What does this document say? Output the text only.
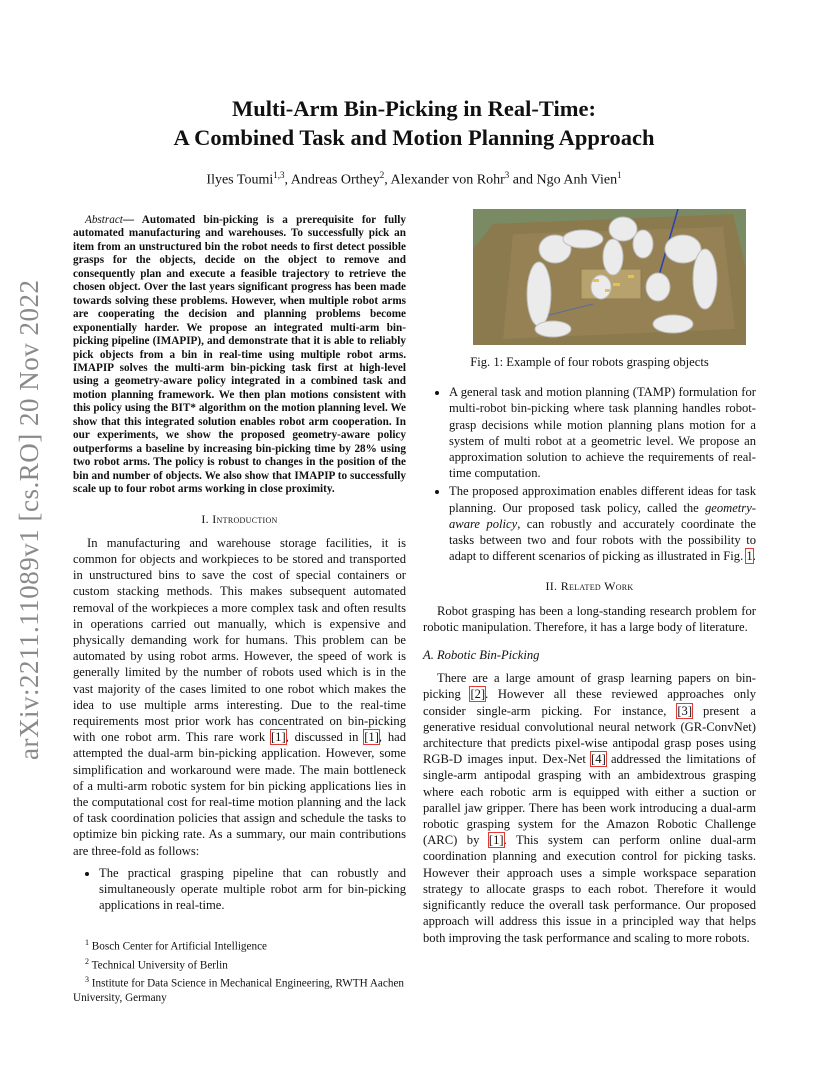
arXiv:2211.11089v1 [cs.RO] 20 Nov 2022
Multi-Arm Bin-Picking in Real-Time:
A Combined Task and Motion Planning Approach
Ilyes Toumi$^{1,3}$, Andreas Orthey$^2$, Alexander von Rohr$^3$ and Ngo Anh Vien$^1$

Abstract— Automated bin-picking is a prerequisite for fully automated manufacturing and warehouses. To successfully pick an item from an unstructured bin the robot needs to first detect possible grasps for the objects, decide on the object to remove and consequently plan and execute a feasible trajectory to retrieve the chosen object. Over the last years significant progress has been made towards solving these problems. However, when multiple robot arms are cooperating the decision and planning problems become exponentially harder. We propose an integrated multi-arm bin-picking pipeline (IMAPIP), and demonstrate that it is able to reliably pick objects from a bin in real-time using multiple robot arms. IMAPIP solves the multi-arm bin-picking task first at high-level using a geometry-aware policy integrated in a combined task and motion planning framework. We then plan motions consistent with this policy using the BIT* algorithm on the motion planning level. We show that this integrated solution enables robot arm cooperation. In our experiments, we show the proposed geometry-aware policy outperforms a baseline by increasing bin-picking time by 28% using two robot arms. The policy is robust to changes in the position of the bin and number of objects. We also show that IMAPIP to successfully scale up to four robot arms working in close proximity.

I. Introduction

In manufacturing and warehouse storage facilities, it is common for objects and workpieces to be stored and transported in unstructured bins to save the cost of special containers or custom stacking methods. This makes subsequent automated removal of the workpieces a more complex task and often results in operations carried out manually, which is expensive and physically demanding work for humans. This problem can be automated by using robot arms. However, the speed of work is generally limited by the number of robots used which is in the vast majority of the cases limited to one robot which makes the idea to use multiple arms interesting. Due to the real-time requirements most prior work has concentrated on bin-picking with one robot arm. This rare work [1], discussed in [1], had attempted the dual-arm bin-picking application. However, some simplification and workaround were made. The main bottleneck of a multi-arm robotic system for bin picking applications lies in the computational cost for real-time motion planning and the lack of task coordination policies that assign and schedule the tasks to optimize bin picking rate. As a summary, our main contributions are three-fold as follows:

• The practical grasping pipeline that can robustly and simultaneously operate multiple robot arm for bin-picking applications in real-time.
$^1$ Bosch Center for Artificial Intelligence
$^2$ Technical University of Berlin
$^3$ Institute for Data Science in Mechanical Engineering, RWTH Aachen University, Germany
Fig. 1: Example of four robots grasping objects
• A general task and motion planning (TAMP) formulation for multi-robot bin-picking where task planning handles robot-grasp decisions while motion planning plans motion for a system of multi robot at a geometric level. We propose an approximation solution to achieve the requirements of real-time computation.
• The proposed approximation enables different ideas for task planning. Our proposed task policy, called the geometry-aware policy, can robustly and accurately coordinate the tasks between two and four robots with the possibility to adapt to different scenarios of picking as illustrated in Fig. 1.
II. Related Work

Robot grasping has been a long-standing research problem for robotic manipulation. Therefore, it has a large body of literature.

A. Robotic Bin-Picking

There are a large amount of grasp learning papers on bin-picking [2]. However all these reviewed approaches only consider single-arm picking. For instance, [3] present a generative residual convolutional neural network (GR-ConvNet) architecture that predicts pixel-wise antipodal grasp poses using RGB-D images input. Dex-Net [4] addressed the limitations of single-arm antipodal grasping with an ambidextrous grasping where each robotic arm is equipped with either a suction or parallel jaw gripper. There has been work introducing a dual-arm robotic grasping system for the Amazon Robotic Challenge (ARC) by [1]. This system can perform online dual-arm coordination planning and execution control for picking tasks. However their approach uses a simple workspace separation strategy to allocate grasps to each robot. Therefore it would significantly reduce the overall task performance. Our proposed approach will address this issue in a principled way that helps both improving the task performance and scaling to more robots.
